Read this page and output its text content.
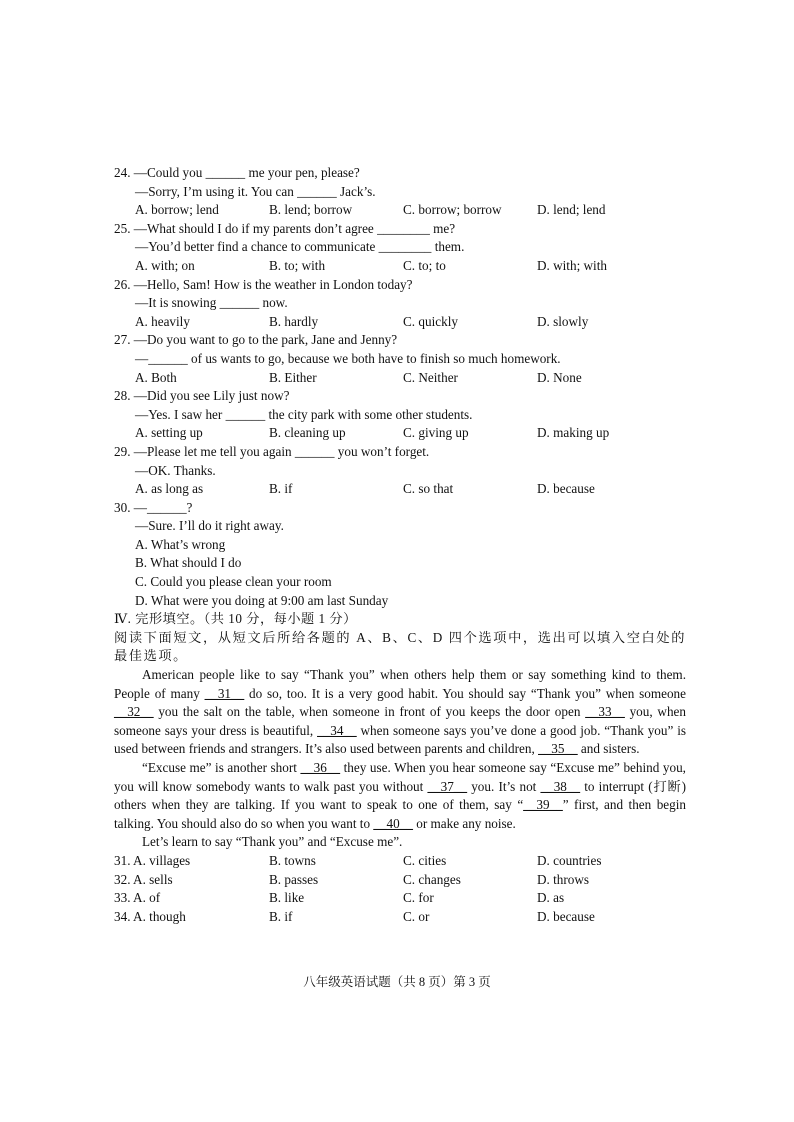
24. —Could you ______ me your pen, please?
—Sorry, I’m using it. You can ______ Jack’s.
A. borrow; lend	B. lend; borrow	C. borrow; borrow	D. lend; lend
25. —What should I do if my parents don’t agree ________ me?
—You’d better find a chance to communicate ________ them.
A. with; on	B. to; with	C. to; to	D. with; with
26. —Hello, Sam! How is the weather in London today?
—It is snowing ______ now.
A. heavily	B. hardly	C. quickly	D. slowly
27. —Do you want to go to the park, Jane and Jenny?
—______ of us wants to go, because we both have to finish so much homework.
A. Both	B. Either	C. Neither	D. None
28. —Did you see Lily just now?
—Yes. I saw her ______ the city park with some other students.
A. setting up	B. cleaning up	C. giving up	D. making up
29. —Please let me tell you again ______ you won’t forget.
—OK. Thanks.
A. as long as	B. if	C. so that	D. because
30. —______?
—Sure. I’ll do it right away.
A. What’s wrong
B. What should I do
C. Could you please clean your room
D. What were you doing at 9:00 am last Sunday
Ⅳ. 完形填空。（共 10 分，每小题 1 分）
阅读下面短文，从短文后所给各题的 A、B、C、D 四个选项中，选出可以填入空白处的最佳选项。

American people like to say “Thank you” when others help them or say something kind to them. People of many __31__ do so, too. It is a very good habit. You should say “Thank you” when someone __32__ you the salt on the table, when someone in front of you keeps the door open __33__ you, when someone says your dress is beautiful, __34__ when someone says you’ve done a good job. “Thank you” is used between friends and strangers. It’s also used between parents and children, __35__ and sisters.

“Excuse me” is another short __36__ they use. When you hear someone say “Excuse me” behind you, you will know somebody wants to walk past you without __37__ you. It’s not __38__ to interrupt (打断) others when they are talking. If you want to speak to one of them, say “__39__” first, and then begin talking. You should also do so when you want to __40__ or make any noise.

Let’s learn to say “Thank you” and “Excuse me”.

31. A. villages	B. towns	C. cities	D. countries
32. A. sells	B. passes	C. changes	D. throws
33. A. of	B. like	C. for	D. as
34. A. though	B. if	C. or	D. because
八年级英语试题（共 8 页）第 3 页
